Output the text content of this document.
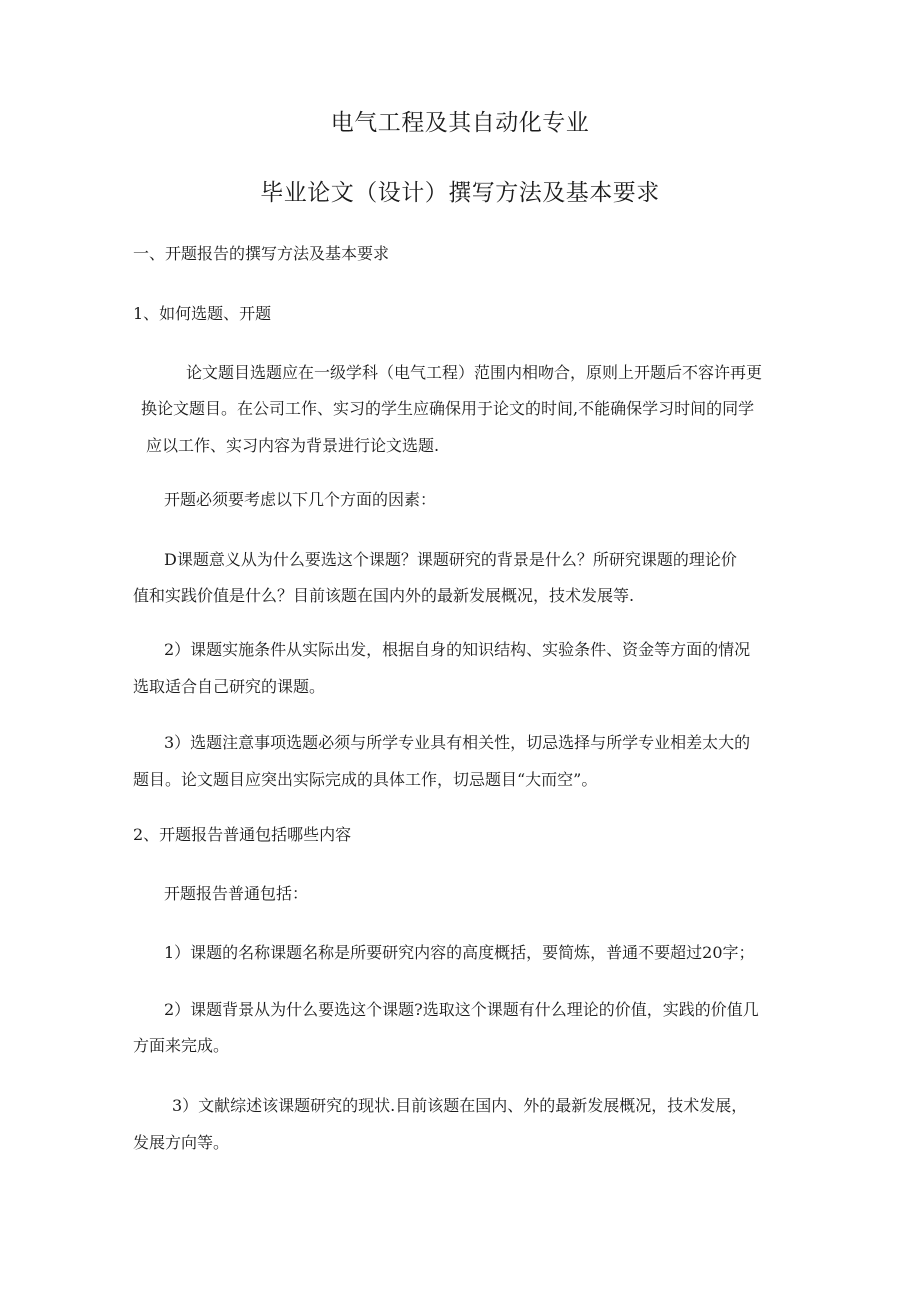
电气工程及其自动化专业
毕业论文（设计）撰写方法及基本要求
一、开题报告的撰写方法及基本要求
1、如何选题、开题
论文题目选题应在一级学科（电气工程）范围内相吻合，原则上开题后不容许再更
换论文题目。在公司工作、实习的学生应确保用于论文的时间,不能确保学习时间的同学
应以工作、实习内容为背景进行论文选题.
开题必须要考虑以下几个方面的因素：
D课题意义从为什么要选这个课题？课题研究的背景是什么？所研究课题的理论价
值和实践价值是什么？目前该题在国内外的最新发展概况，技术发展等.
2）课题实施条件从实际出发，根据自身的知识结构、实验条件、资金等方面的情况
选取适合自己研究的课题。
3）选题注意事项选题必须与所学专业具有相关性，切忌选择与所学专业相差太大的
题目。论文题目应突出实际完成的具体工作，切忌题目“大而空”。
2、开题报告普通包括哪些内容
开题报告普通包括：
1）课题的名称课题名称是所要研究内容的高度概括，要简炼，普通不要超过20字；
2）课题背景从为什么要选这个课题?选取这个课题有什么理论的价值，实践的价值几
方面来完成。
3）文献综述该课题研究的现状.目前该题在国内、外的最新发展概况，技术发展，
发展方向等。
